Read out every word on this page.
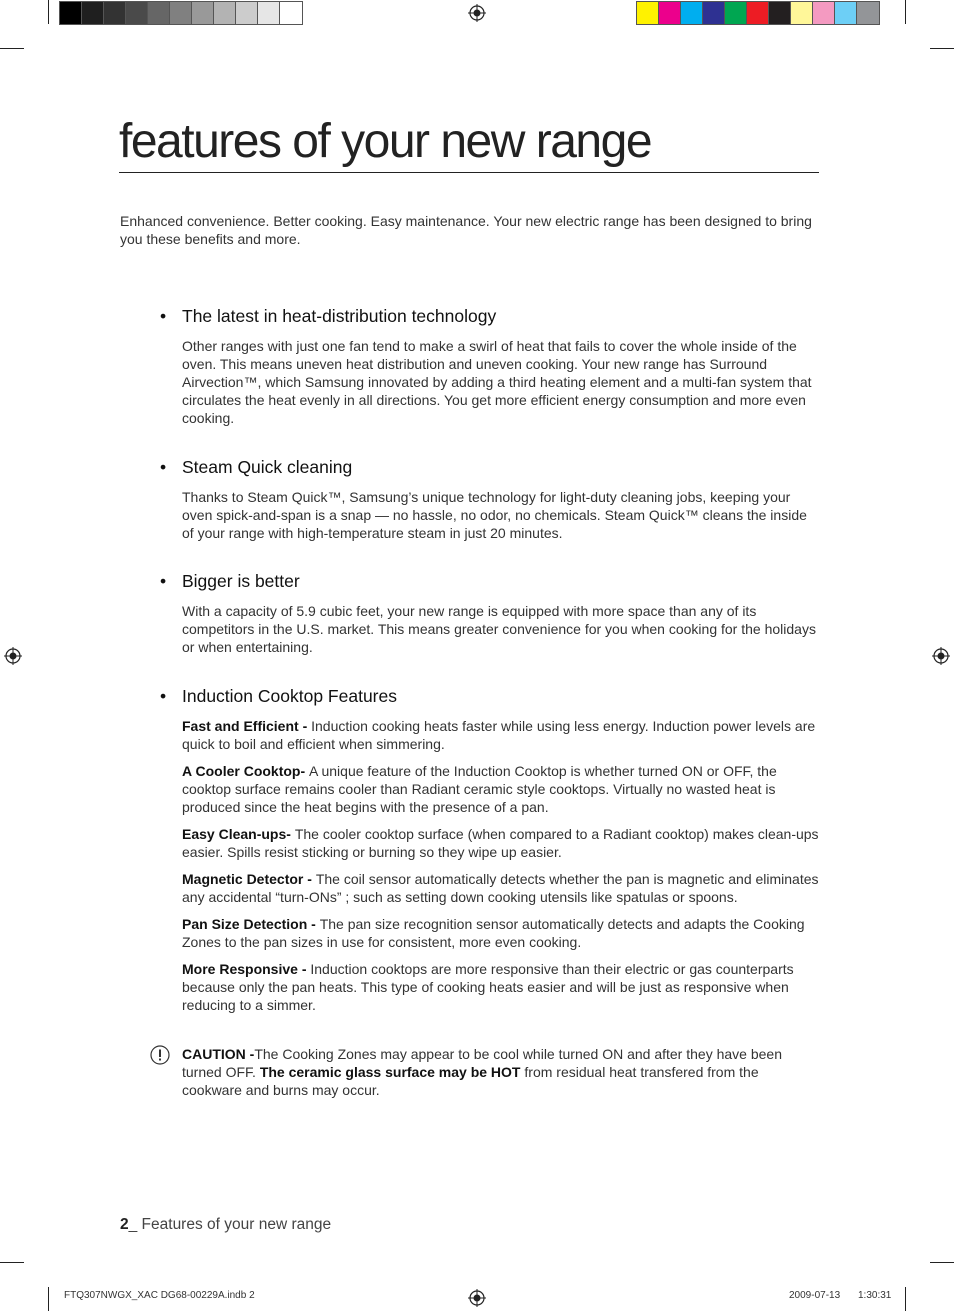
features of your new range
Enhanced convenience. Better cooking. Easy maintenance. Your new electric range has been designed to bring you these benefits and more.
• The latest in heat-distribution technology

Other ranges with just one fan tend to make a swirl of heat that fails to cover the whole inside of the oven. This means uneven heat distribution and uneven cooking. Your new range has Surround Airvection™, which Samsung innovated by adding a third heating element and a multi-fan system that circulates the heat evenly in all directions. You get more efficient energy consumption and more even cooking.

• Steam Quick cleaning

Thanks to Steam Quick™, Samsung’s unique technology for light-duty cleaning jobs, keeping your oven spick-and-span is a snap — no hassle, no odor, no chemicals. Steam Quick™ cleans the inside of your range with high-temperature steam in just 20 minutes.

• Bigger is better

With a capacity of 5.9 cubic feet, your new range is equipped with more space than any of its competitors in the U.S. market. This means greater convenience for you when cooking for the holidays or when entertaining.

• Induction Cooktop Features

Fast and Efficient - Induction cooking heats faster while using less energy. Induction power levels are quick to boil and efficient when simmering.

A Cooler Cooktop- A unique feature of the Induction Cooktop is whether turned ON or OFF, the cooktop surface remains cooler than Radiant ceramic style cooktops. Virtually no wasted heat is produced since the heat begins with the presence of a pan.

Easy Clean-ups- The cooler cooktop surface (when compared to a Radiant cooktop) makes clean-ups easier. Spills resist sticking or burning so they wipe up easier.

Magnetic Detector - The coil sensor automatically detects whether the pan is magnetic and eliminates any accidental “turn-ONs” ; such as setting down cooking utensils like spatulas or spoons.

Pan Size Detection - The pan size recognition sensor automatically detects and adapts the Cooking Zones to the pan sizes in use for consistent, more even cooking.

More Responsive - Induction cooktops are more responsive than their electric or gas counterparts because only the pan heats. This type of cooking heats easier and will be just as responsive when reducing to a simmer.

CAUTION -The Cooking Zones may appear to be cool while turned ON and after they have been turned OFF. The ceramic glass surface may be HOT from residual heat transfered from the cookware and burns may occur.

2_ Features of your new range
FTQ307NWGX_XAC DG68-00229A.indb 2	2009-07-13 1:30:31
